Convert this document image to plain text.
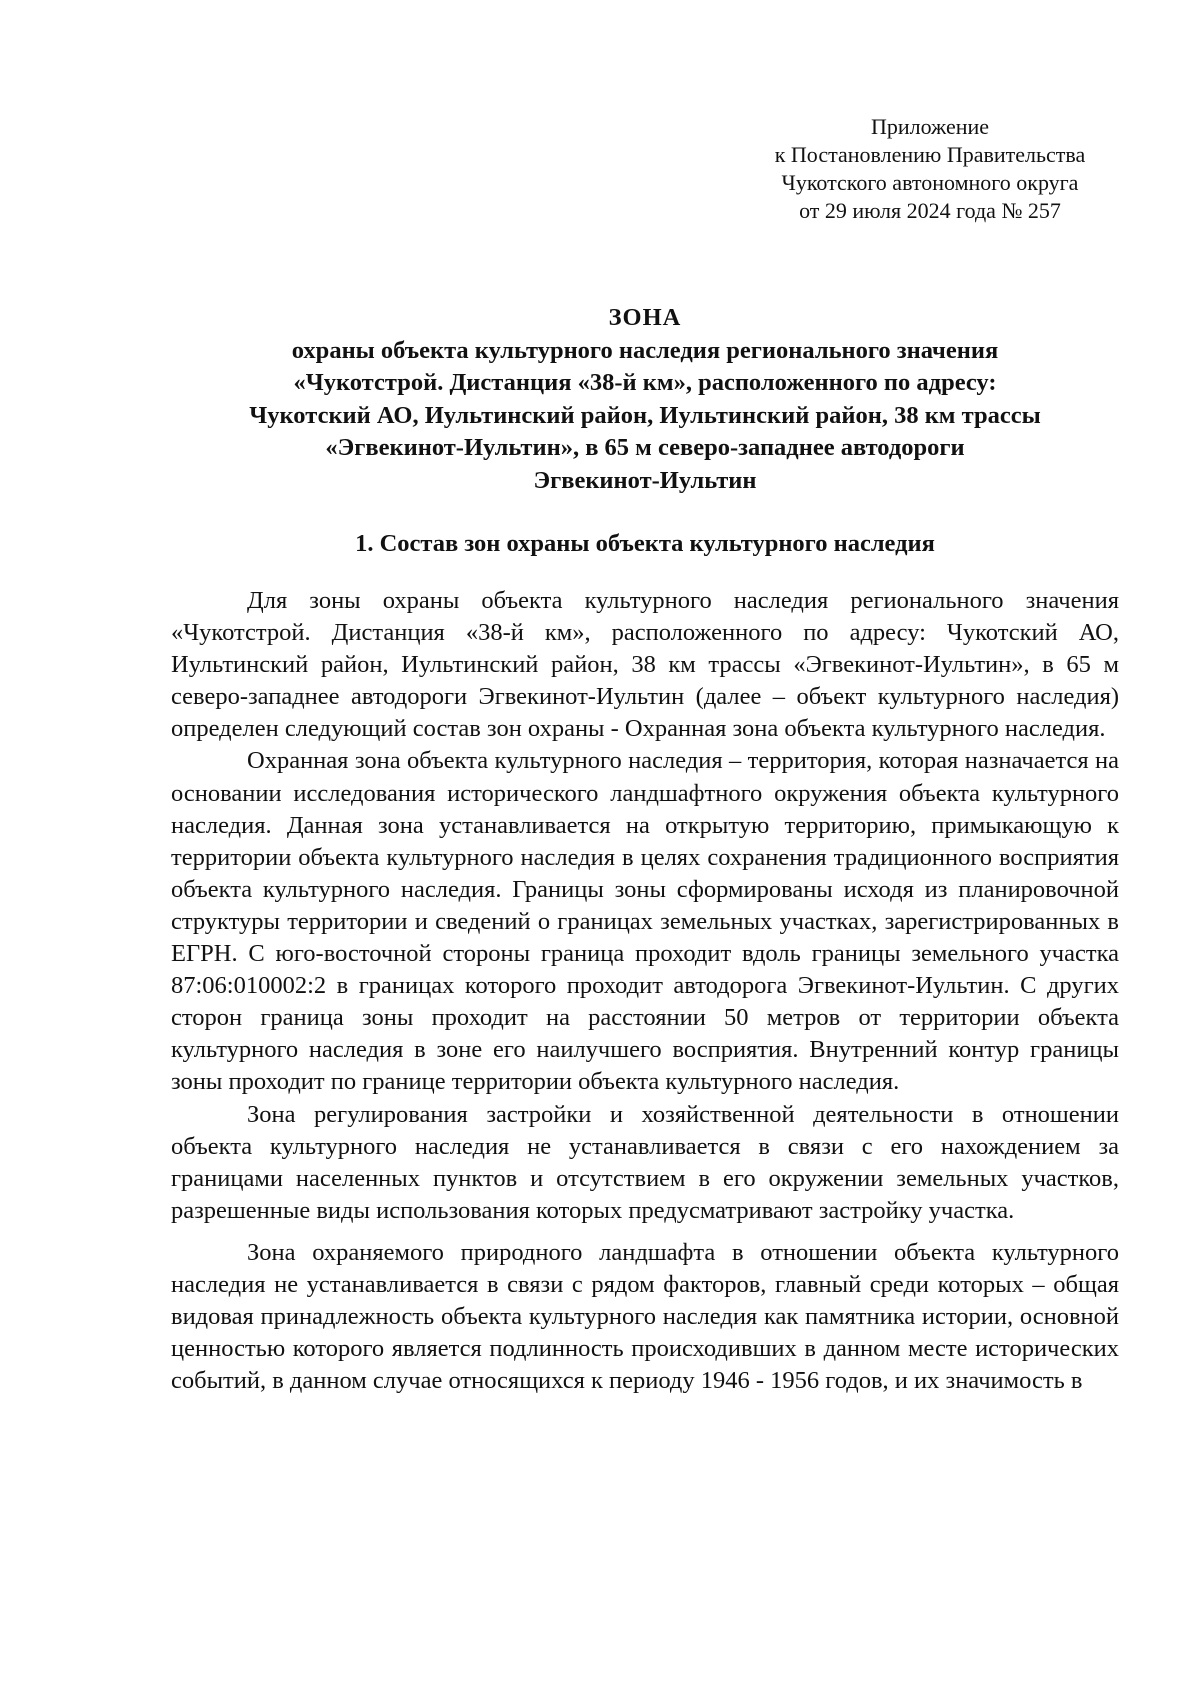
Приложение
к Постановлению Правительства
Чукотского автономного округа
от 29 июля 2024 года № 257
ЗОНА
охраны объекта культурного наследия регионального значения
«Чукотстрой. Дистанция «38-й км», расположенного по адресу:
Чукотский АО, Иультинский район, Иультинский район, 38 км трассы
«Эгвекинот-Иультин», в 65 м северо-западнее автодороги
Эгвекинот-Иультин
1. Состав зон охраны объекта культурного наследия

Для зоны охраны объекта культурного наследия регионального значения «Чукотстрой. Дистанция «38-й км», расположенного по адресу: Чукотский АО, Иультинский район, Иультинский район, 38 км трассы «Эгвекинот-Иультин», в 65 м северо-западнее автодороги Эгвекинот-Иультин (далее – объект культурного наследия) определен следующий состав зон охраны - Охранная зона объекта культурного наследия.

Охранная зона объекта культурного наследия – территория, которая назначается на основании исследования исторического ландшафтного окружения объекта культурного наследия. Данная зона устанавливается на открытую территорию, примыкающую к территории объекта культурного наследия в целях сохранения традиционного восприятия объекта культурного наследия. Границы зоны сформированы исходя из планировочной структуры территории и сведений о границах земельных участках, зарегистрированных в ЕГРН. С юго-восточной стороны граница проходит вдоль границы земельного участка 87:06:010002:2 в границах которого проходит автодорога Эгвекинот-Иультин. С других сторон граница зоны проходит на расстоянии 50 метров от территории объекта культурного наследия в зоне его наилучшего восприятия. Внутренний контур границы зоны проходит по границе территории объекта культурного наследия.

Зона регулирования застройки и хозяйственной деятельности в отношении объекта культурного наследия не устанавливается в связи с его нахождением за границами населенных пунктов и отсутствием в его окружении земельных участков, разрешенные виды использования которых предусматривают застройку участка.

Зона охраняемого природного ландшафта в отношении объекта культурного наследия не устанавливается в связи с рядом факторов, главный среди которых – общая видовая принадлежность объекта культурного наследия как памятника истории, основной ценностью которого является подлинность происходивших в данном месте исторических событий, в данном случае относящихся к периоду 1946 - 1956 годов, и их значимость в
